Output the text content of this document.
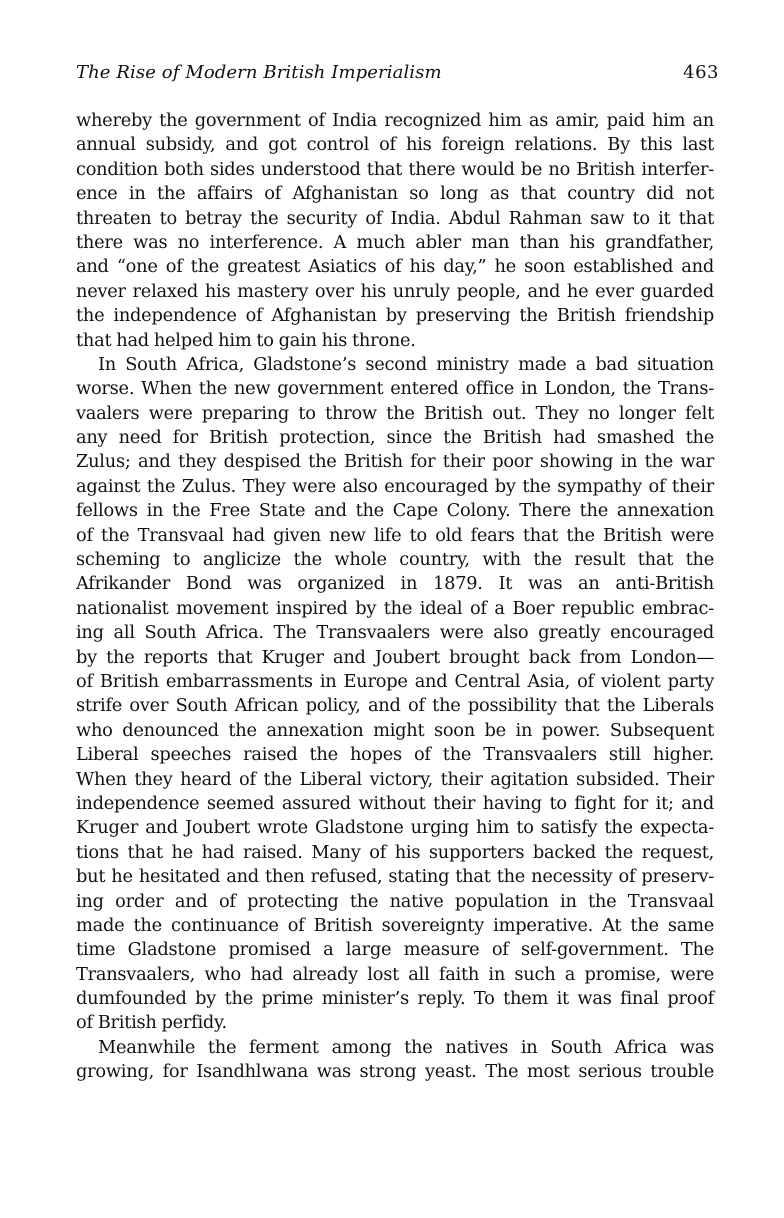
The Rise of Modern British Imperialism	463
whereby the government of India recognized him as amir, paid him an
annual subsidy, and got control of his foreign relations. By this last
condition both sides understood that there would be no British interfer-
ence in the affairs of Afghanistan so long as that country did not
threaten to betray the security of India. Abdul Rahman saw to it that
there was no interference. A much abler man than his grandfather,
and “one of the greatest Asiatics of his day,” he soon established and
never relaxed his mastery over his unruly people, and he ever guarded
the independence of Afghanistan by preserving the British friendship
that had helped him to gain his throne.
In South Africa, Gladstone’s second ministry made a bad situation
worse. When the new government entered office in London, the Trans-
vaalers were preparing to throw the British out. They no longer felt
any need for British protection, since the British had smashed the
Zulus; and they despised the British for their poor showing in the war
against the Zulus. They were also encouraged by the sympathy of their
fellows in the Free State and the Cape Colony. There the annexation
of the Transvaal had given new life to old fears that the British were
scheming to anglicize the whole country, with the result that the
Afrikander Bond was organized in 1879. It was an anti-British
nationalist movement inspired by the ideal of a Boer republic embrac-
ing all South Africa. The Transvaalers were also greatly encouraged
by the reports that Kruger and Joubert brought back from London—
of British embarrassments in Europe and Central Asia, of violent party
strife over South African policy, and of the possibility that the Liberals
who denounced the annexation might soon be in power. Subsequent
Liberal speeches raised the hopes of the Transvaalers still higher.
When they heard of the Liberal victory, their agitation subsided. Their
independence seemed assured without their having to fight for it; and
Kruger and Joubert wrote Gladstone urging him to satisfy the expecta-
tions that he had raised. Many of his supporters backed the request,
but he hesitated and then refused, stating that the necessity of preserv-
ing order and of protecting the native population in the Transvaal
made the continuance of British sovereignty imperative. At the same
time Gladstone promised a large measure of self-government. The
Transvaalers, who had already lost all faith in such a promise, were
dumfounded by the prime minister’s reply. To them it was final proof
of British perfidy.
Meanwhile the ferment among the natives in South Africa was
growing, for Isandhlwana was strong yeast. The most serious trouble
